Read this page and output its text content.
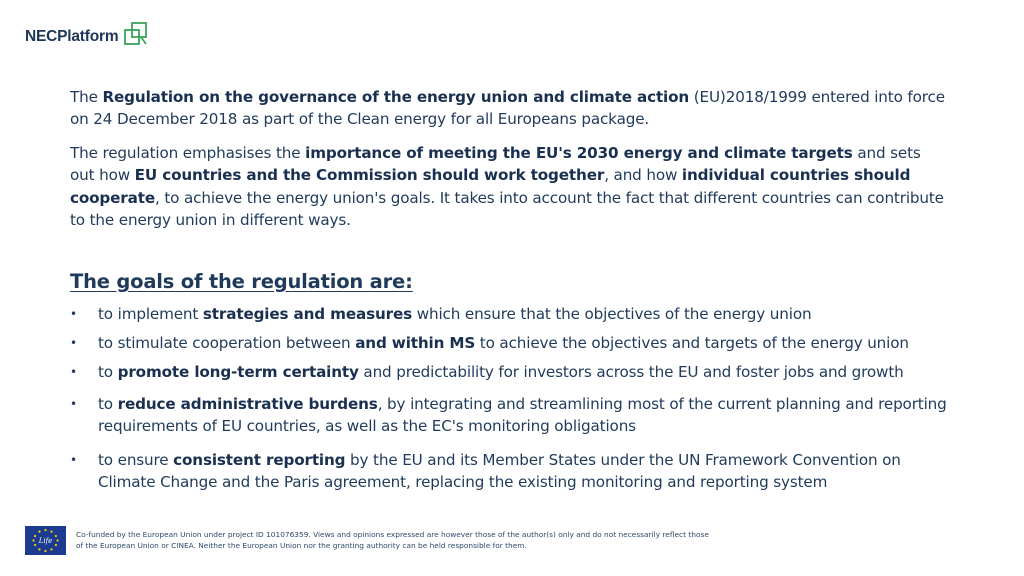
NECPlatform
The Regulation on the governance of the energy union and climate action (EU)2018/1999 entered into force on 24 December 2018 as part of the Clean energy for all Europeans package.
The regulation emphasises the importance of meeting the EU's 2030 energy and climate targets and sets out how EU countries and the Commission should work together, and how individual countries should cooperate, to achieve the energy union's goals. It takes into account the fact that different countries can contribute to the energy union in different ways.
The goals of the regulation are:
• to implement strategies and measures which ensure that the objectives of the energy union
• to stimulate cooperation between and within MS to achieve the objectives and targets of the energy union
• to promote long-term certainty and predictability for investors across the EU and foster jobs and growth
• to reduce administrative burdens, by integrating and streamlining most of the current planning and reporting requirements of EU countries, as well as the EC's monitoring obligations
• to ensure consistent reporting by the EU and its Member States under the UN Framework Convention on Climate Change and the Paris agreement, replacing the existing monitoring and reporting system
Life
Co-funded by the European Union under project ID 101076359. Views and opinions expressed are however those of the author(s) only and do not necessarily reflect those of the European Union or CINEA. Neither the European Union nor the granting authority can be held responsible for them.
